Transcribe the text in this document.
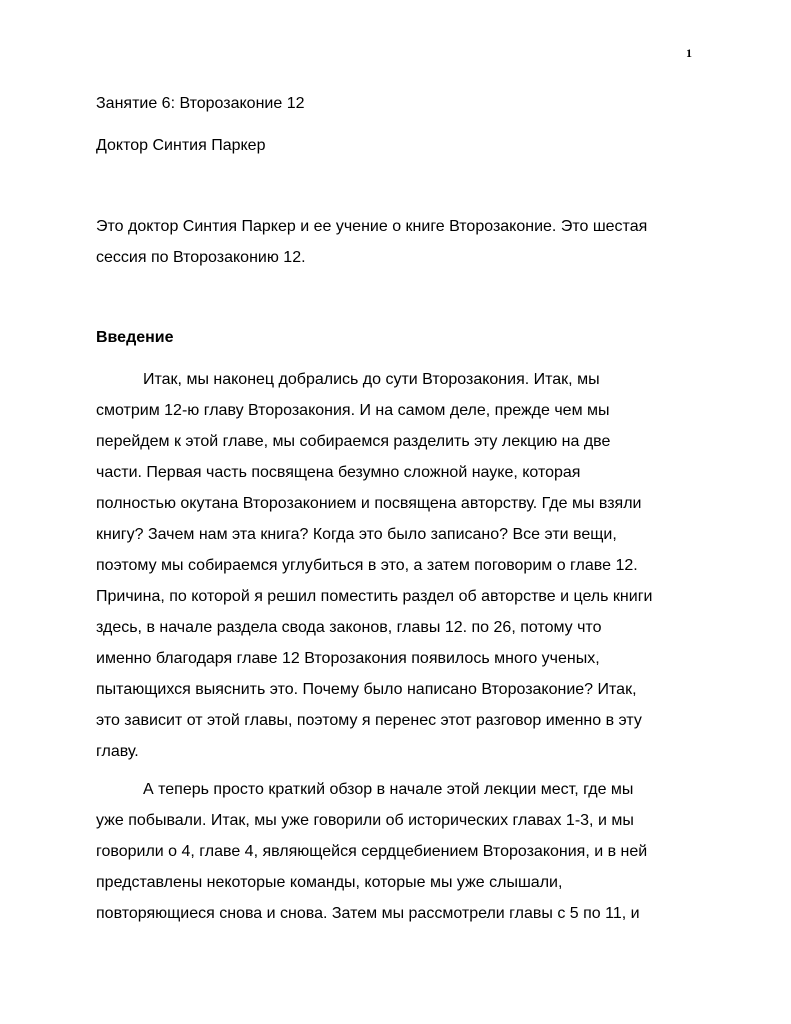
1
Занятие 6: Второзаконие 12
Доктор Синтия Паркер
Это доктор Синтия Паркер и ее учение о книге Второзаконие. Это шестая
сессия по Второзаконию 12.
Введение
Итак, мы наконец добрались до сути Второзакония. Итак, мы
смотрим 12-ю главу Второзакония. И на самом деле, прежде чем мы
перейдем к этой главе, мы собираемся разделить эту лекцию на две
части. Первая часть посвящена безумно сложной науке, которая
полностью окутана Второзаконием и посвящена авторству. Где мы взяли
книгу? Зачем нам эта книга? Когда это было записано? Все эти вещи,
поэтому мы собираемся углубиться в это, а затем поговорим о главе 12.
Причина, по которой я решил поместить раздел об авторстве и цель книги
здесь, в начале раздела свода законов, главы 12. по 26, потому что
именно благодаря главе 12 Второзакония появилось много ученых,
пытающихся выяснить это. Почему было написано Второзаконие? Итак,
это зависит от этой главы, поэтому я перенес этот разговор именно в эту
главу.
А теперь просто краткий обзор в начале этой лекции мест, где мы
уже побывали. Итак, мы уже говорили об исторических главах 1-3, и мы
говорили о 4, главе 4, являющейся сердцебиением Второзакония, и в ней
представлены некоторые команды, которые мы уже слышали,
повторяющиеся снова и снова. Затем мы рассмотрели главы с 5 по 11, и
